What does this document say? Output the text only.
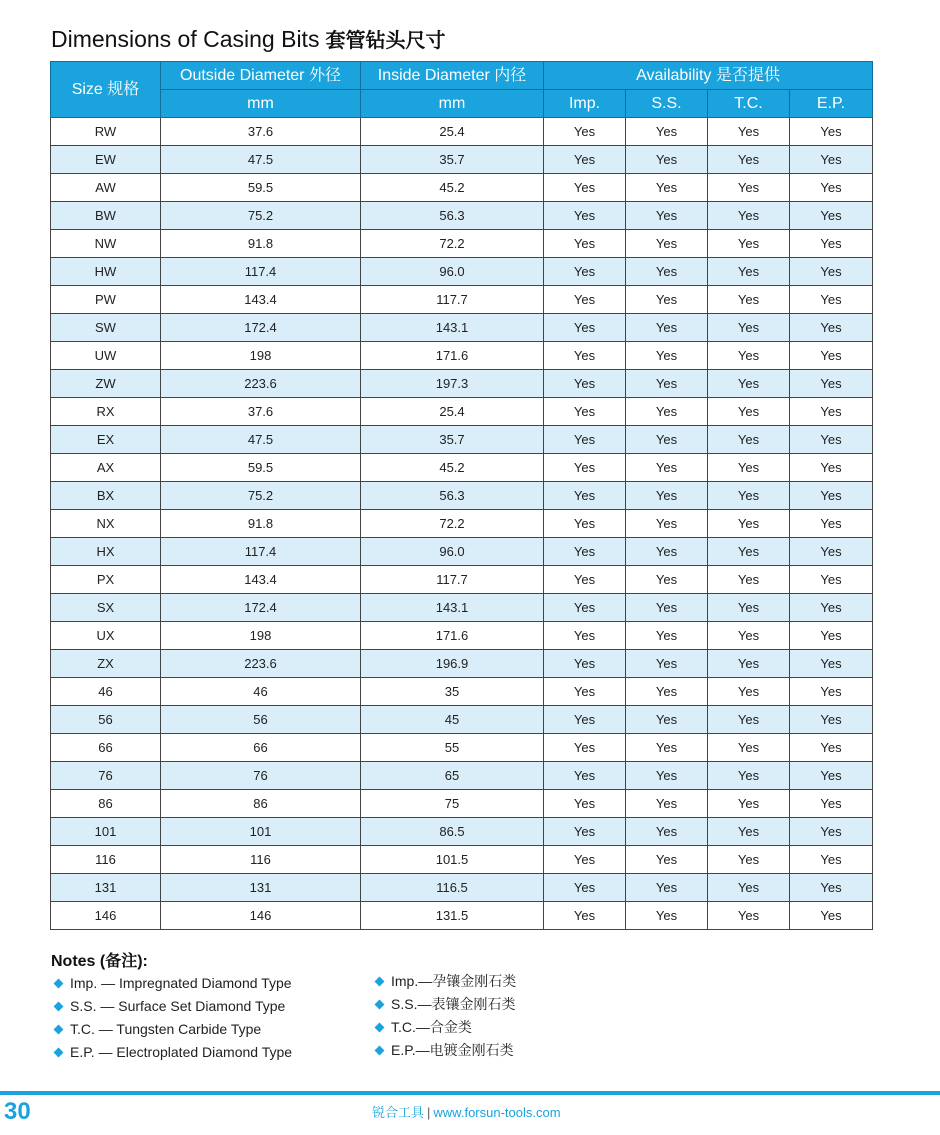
Dimensions of Casing Bits 套管钻头尺寸
Size 规格	Outside Diameter 外径	Inside Diameter 内径	Availability 是否提供			
	mm	mm	Imp.	S.S.	T.C.	E.P.
RW	37.6	25.4	Yes	Yes	Yes	Yes
EW	47.5	35.7	Yes	Yes	Yes	Yes
AW	59.5	45.2	Yes	Yes	Yes	Yes
BW	75.2	56.3	Yes	Yes	Yes	Yes
NW	91.8	72.2	Yes	Yes	Yes	Yes
HW	117.4	96.0	Yes	Yes	Yes	Yes
PW	143.4	117.7	Yes	Yes	Yes	Yes
SW	172.4	143.1	Yes	Yes	Yes	Yes
UW	198	171.6	Yes	Yes	Yes	Yes
ZW	223.6	197.3	Yes	Yes	Yes	Yes
RX	37.6	25.4	Yes	Yes	Yes	Yes
EX	47.5	35.7	Yes	Yes	Yes	Yes
AX	59.5	45.2	Yes	Yes	Yes	Yes
BX	75.2	56.3	Yes	Yes	Yes	Yes
NX	91.8	72.2	Yes	Yes	Yes	Yes
HX	117.4	96.0	Yes	Yes	Yes	Yes
PX	143.4	117.7	Yes	Yes	Yes	Yes
SX	172.4	143.1	Yes	Yes	Yes	Yes
UX	198	171.6	Yes	Yes	Yes	Yes
ZX	223.6	196.9	Yes	Yes	Yes	Yes
46	46	35	Yes	Yes	Yes	Yes
56	56	45	Yes	Yes	Yes	Yes
66	66	55	Yes	Yes	Yes	Yes
76	76	65	Yes	Yes	Yes	Yes
86	86	75	Yes	Yes	Yes	Yes
101	101	86.5	Yes	Yes	Yes	Yes
116	116	101.5	Yes	Yes	Yes	Yes
131	131	116.5	Yes	Yes	Yes	Yes
146	146	131.5	Yes	Yes	Yes	Yes
Notes (备注):
Imp. — Impregnated Diamond Type
S.S. — Surface Set Diamond Type
T.C. — Tungsten Carbide Type
E.P. — Electroplated Diamond Type
Imp.—孕镶金刚石类
S.S.—表镶金刚石类
T.C.—合金类
E.P.—电镀金刚石类
30	锐合工具 | www.forsun-tools.com
